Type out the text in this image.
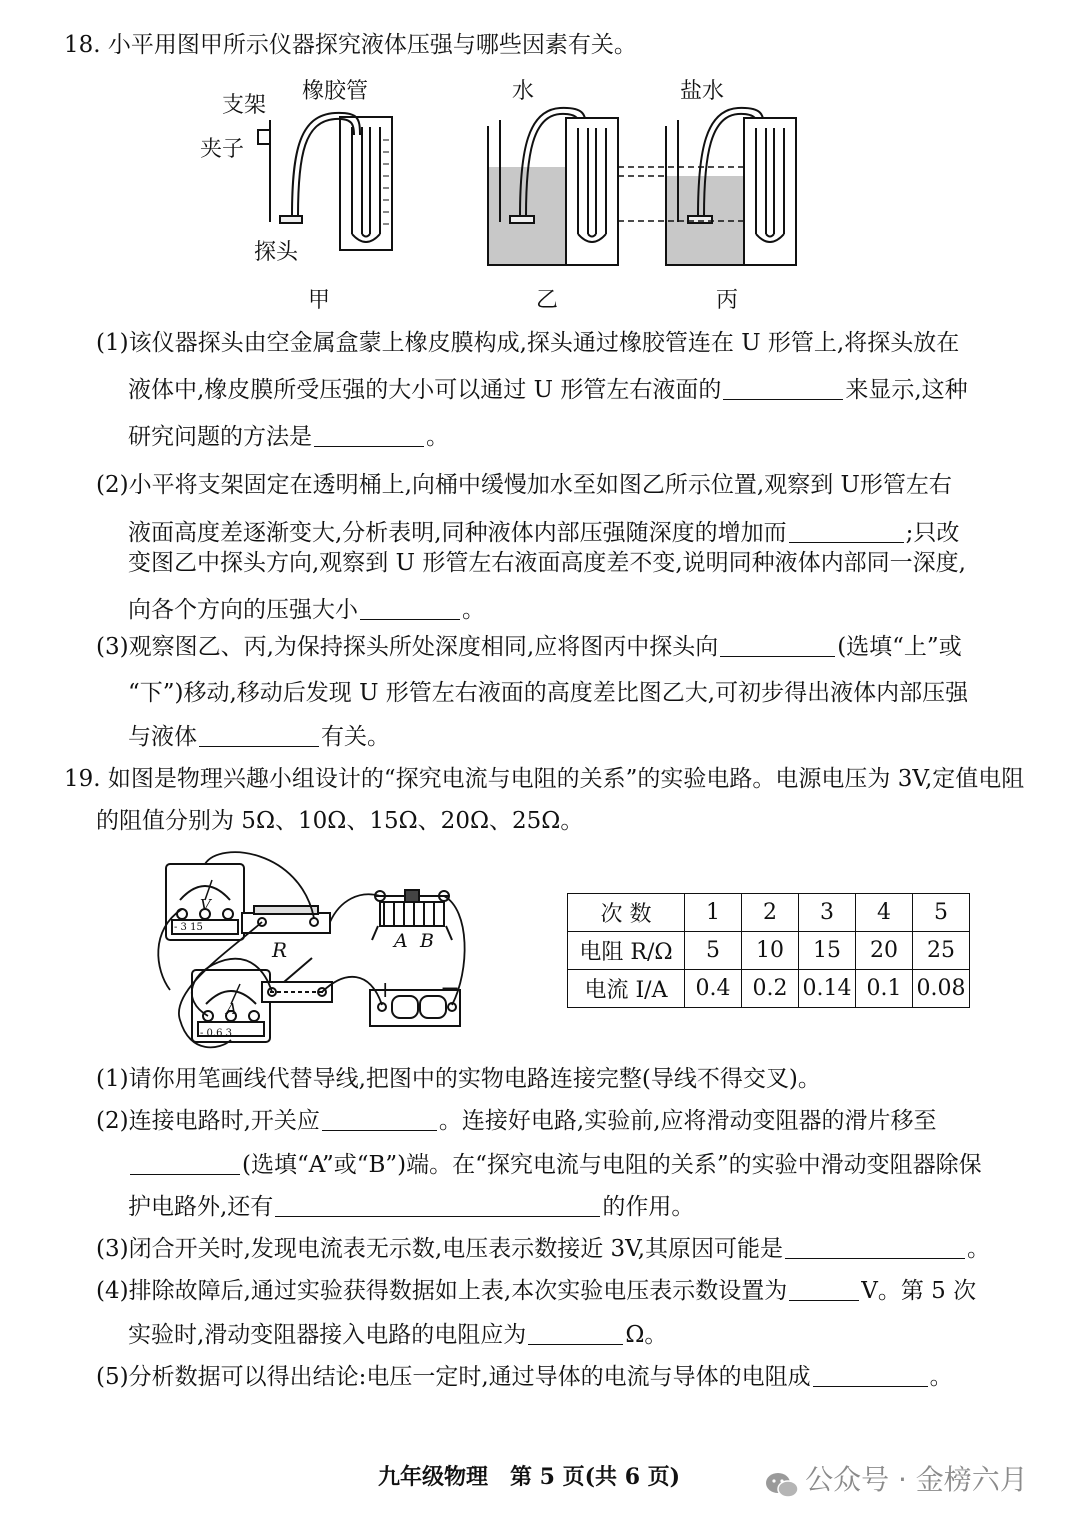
18. 小平用图甲所示仪器探究液体压强与哪些因素有关。
支架
橡胶管
夹子
探头
水	盐水
甲	乙	丙
(1)该仪器探头由空金属盒蒙上橡皮膜构成,探头通过橡胶管连在 U 形管上,将探头放在
液体中,橡皮膜所受压强的大小可以通过 U 形管左右液面的	来显示,这种
研究问题的方法是	。
(2)小平将支架固定在透明桶上,向桶中缓慢加水至如图乙所示位置,观察到 U形管左右
液面高度差逐渐变大,分析表明,同种液体内部压强随深度的增加而	;只改
变图乙中探头方向,观察到 U 形管左右液面高度差不变,说明同种液体内部同一深度,
向各个方向的压强大小	。
(3)观察图乙、丙,为保持探头所处深度相同,应将图丙中探头向	(选填“上”或
“下”)移动,移动后发现 U 形管左右液面的高度差比图乙大,可初步得出液体内部压强
与液体	有关。
19. 如图是物理兴趣小组设计的“探究电流与电阻的关系”的实验电路。电源电压为 3V,定值电阻
的阻值分别为 5Ω、10Ω、15Ω、20Ω、25Ω。
V
- 3 15
A
- 0.6 3
R	A B
+ −
次 数	1	2	3	4	5
电阻 R/Ω	5	10	15	20	25
电流 I/A	0.4	0.2	0.14	0.1	0.08
(1)请你用笔画线代替导线,把图中的实物电路连接完整(导线不得交叉)。
(2)连接电路时,开关应	。连接好电路,实验前,应将滑动变阻器的滑片移至
(选填“A”或“B”)端。在“探究电流与电阻的关系”的实验中滑动变阻器除保
护电路外,还有	的作用。
(3)闭合开关时,发现电流表无示数,电压表示数接近 3V,其原因可能是	。
(4)排除故障后,通过实验获得数据如上表,本次实验电压表示数设置为	V。第 5 次
实验时,滑动变阻器接入电路的电阻应为	Ω。
(5)分析数据可以得出结论:电压一定时,通过导体的电流与导体的电阻成	。
九年级物理　第 5 页(共 6 页)	公众号 · 金榜六月
